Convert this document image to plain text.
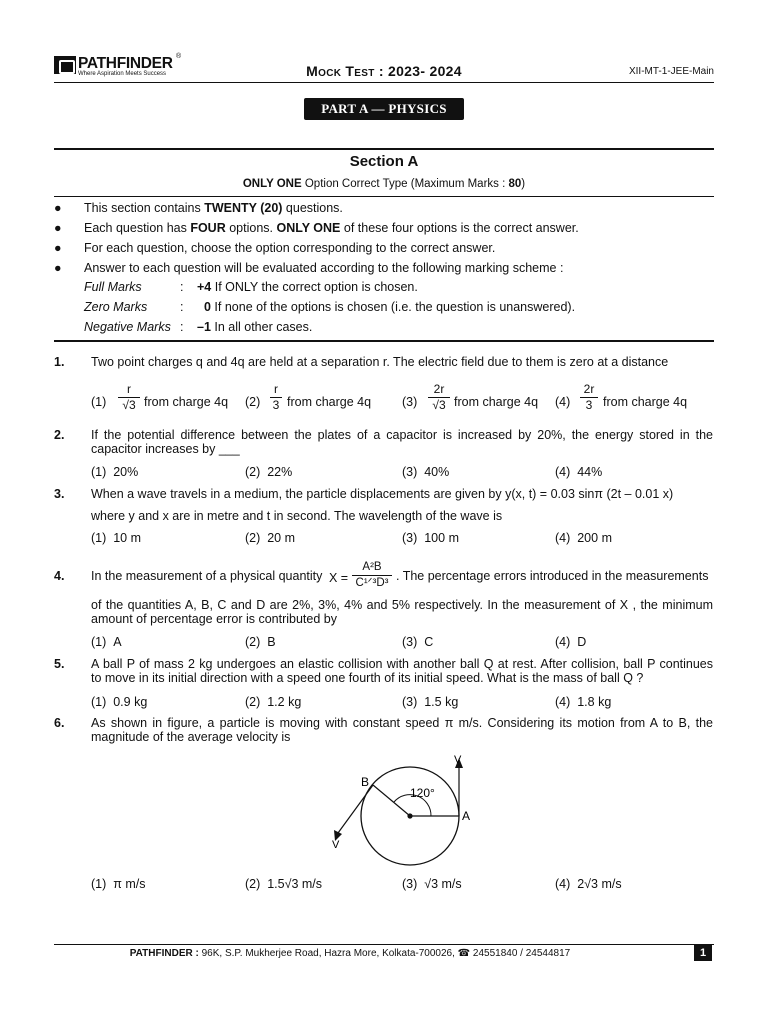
PATHFINDER ®
Where Aspiration Meets Success	Mock Test : 2023- 2024	XII-MT-1-JEE-Main
PART A — PHYSICS
Section A
ONLY ONE Option Correct Type (Maximum Marks : 80)
● This section contains TWENTY (20) questions.
● Each question has FOUR options. ONLY ONE of these four options is the correct answer.
● For each question, choose the option corresponding to the correct answer.
● Answer to each question will be evaluated according to the following marking scheme :
Full Marks	: +4 If ONLY the correct option is chosen.
Zero Marks	:	0 If none of the options is chosen (i.e. the question is unanswered).
Negative Marks : –1 In all other cases.
1. Two point charges q and 4q are held at a separation r. The electric field due to them is zero at a distance
(1)
r
√3 from charge 4q (2)
r
3 from charge 4q (3)
2r
√3 from charge 4q (4)
2r
3 from charge 4q
2. If the potential difference between the plates of a capacitor is increased by 20%, the energy stored in the
capacitor increases by ___
(1) 20%	(2) 22%	(3) 40%	(4) 44%
3. When a wave travels in a medium, the particle displacements are given by y(x, t) = 0.03 sinπ (2t – 0.01 x)
where y and x are in metre and t in second. The wavelength of the wave is
(1) 10 m	(2) 20 m	(3) 100 m	(4) 200 m
4. In the measurement of a physical quantity X =
A²B
C¹ᐟ³D³ . The percentage errors introduced in the measurements
of the quantities A, B, C and D are 2%, 3%, 4% and 5% respectively. In the measurement of X , the minimum
amount of percentage error is contributed by
(1) A	(2) B	(3) C	(4) D
5. A ball P of mass 2 kg undergoes an elastic collision with another ball Q at rest. After collision, ball P continues
to move in its initial direction with a speed one fourth of its initial speed. What is the mass of ball Q ?
(1) 0.9 kg	(2) 1.2 kg	(3) 1.5 kg	(4) 1.8 kg
6. As shown in figure, a particle is moving with constant speed π m/s. Considering its motion from A to B, the
magnitude of the average velocity is
B
A
V
V
120°
(1) π m/s	(2) 1.5√3 m/s	(3) √3 m/s	(4) 2√3 m/s
PATHFINDER : 96K, S.P. Mukherjee Road, Hazra More, Kolkata-700026, ☎ 24551840 / 24544817	1
